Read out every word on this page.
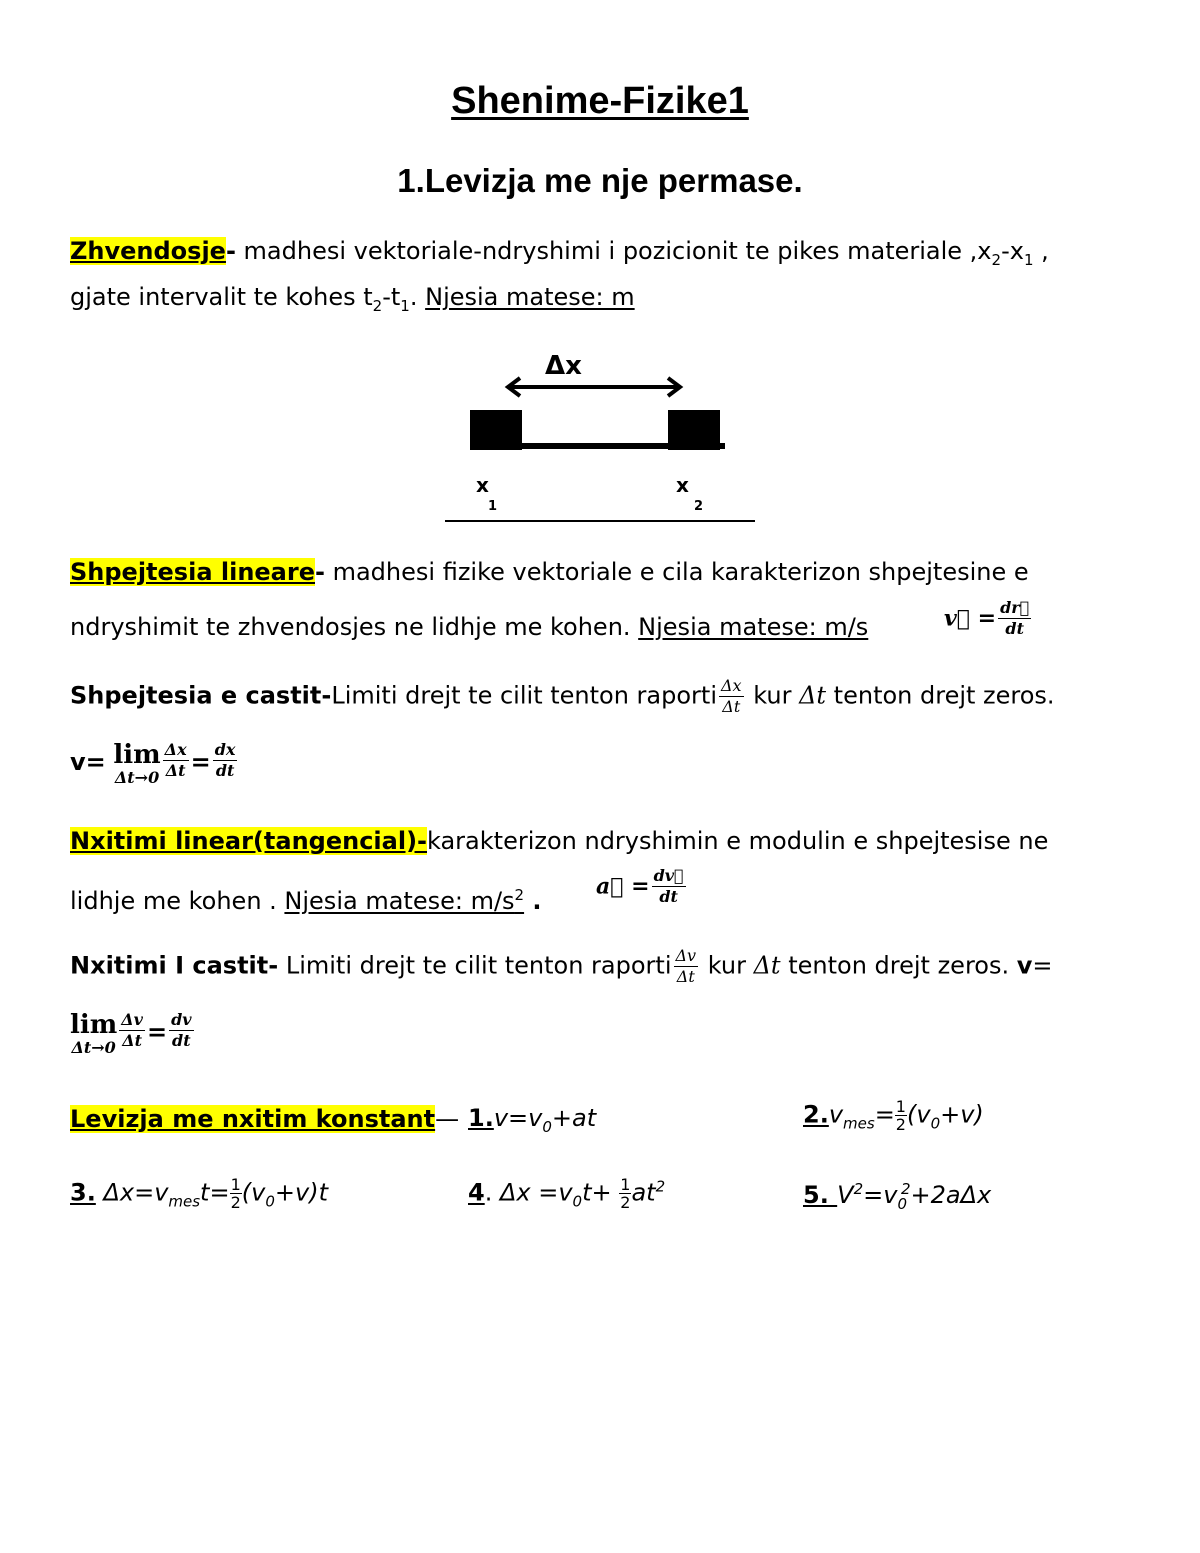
Shenime-Fizike1
1.Levizja me nje permase.
Zhvendosje- madhesi vektoriale-ndryshimi i pozicionit te pikes materiale $,x_2-x_1$ ,
gjate intervalit te kohes $t_2-t_1$. Njesia matese: m
Δx
x
1
x
2
Shpejtesia lineare- madhesi fizike vektoriale e cila karakterizon shpejtesine e
ndryshimit te zhvendosjes ne lidhje me kohen. Njesia matese: m/s	v⃗ = $\frac{dr⃗}{dt}$
Shpejtesia e castit-Limiti drejt te cilit tenton raporti $\frac{\Delta x}{\Delta t}$ kur Δt tenton drejt zeros.
v= lim
$\Delta t\to 0 \frac{\Delta x}{\Delta t} = \frac{dx}{dt}$
Nxitimi linear(tangencial)-karakterizon ndryshimin e modulin e shpejtesise ne
lidhje me kohen . Njesia matese: $m/s^2$ .
a⃗ = $\frac{dv⃗}{dt}$
Nxitimi I castit- Limiti drejt te cilit tenton raporti $\frac{\Delta v}{\Delta t}$ kur Δt tenton drejt zeros. v=
lim
$\Delta t\to 0 \frac{\Delta v}{\Delta t} = \frac{dv}{dt}$
Levizja me nxitim konstant— $1.v=v_0+at$	$2.v_{mes}= \frac{1}{2} (v_0+v)$
3. $\Delta x=v_{mes}t= \frac{1}{2} (v_0+v)t$	4. $\Delta x =v_0t+ \frac{1}{2} at^2$	5. $V^2=v_0^2+2a\Delta x$
